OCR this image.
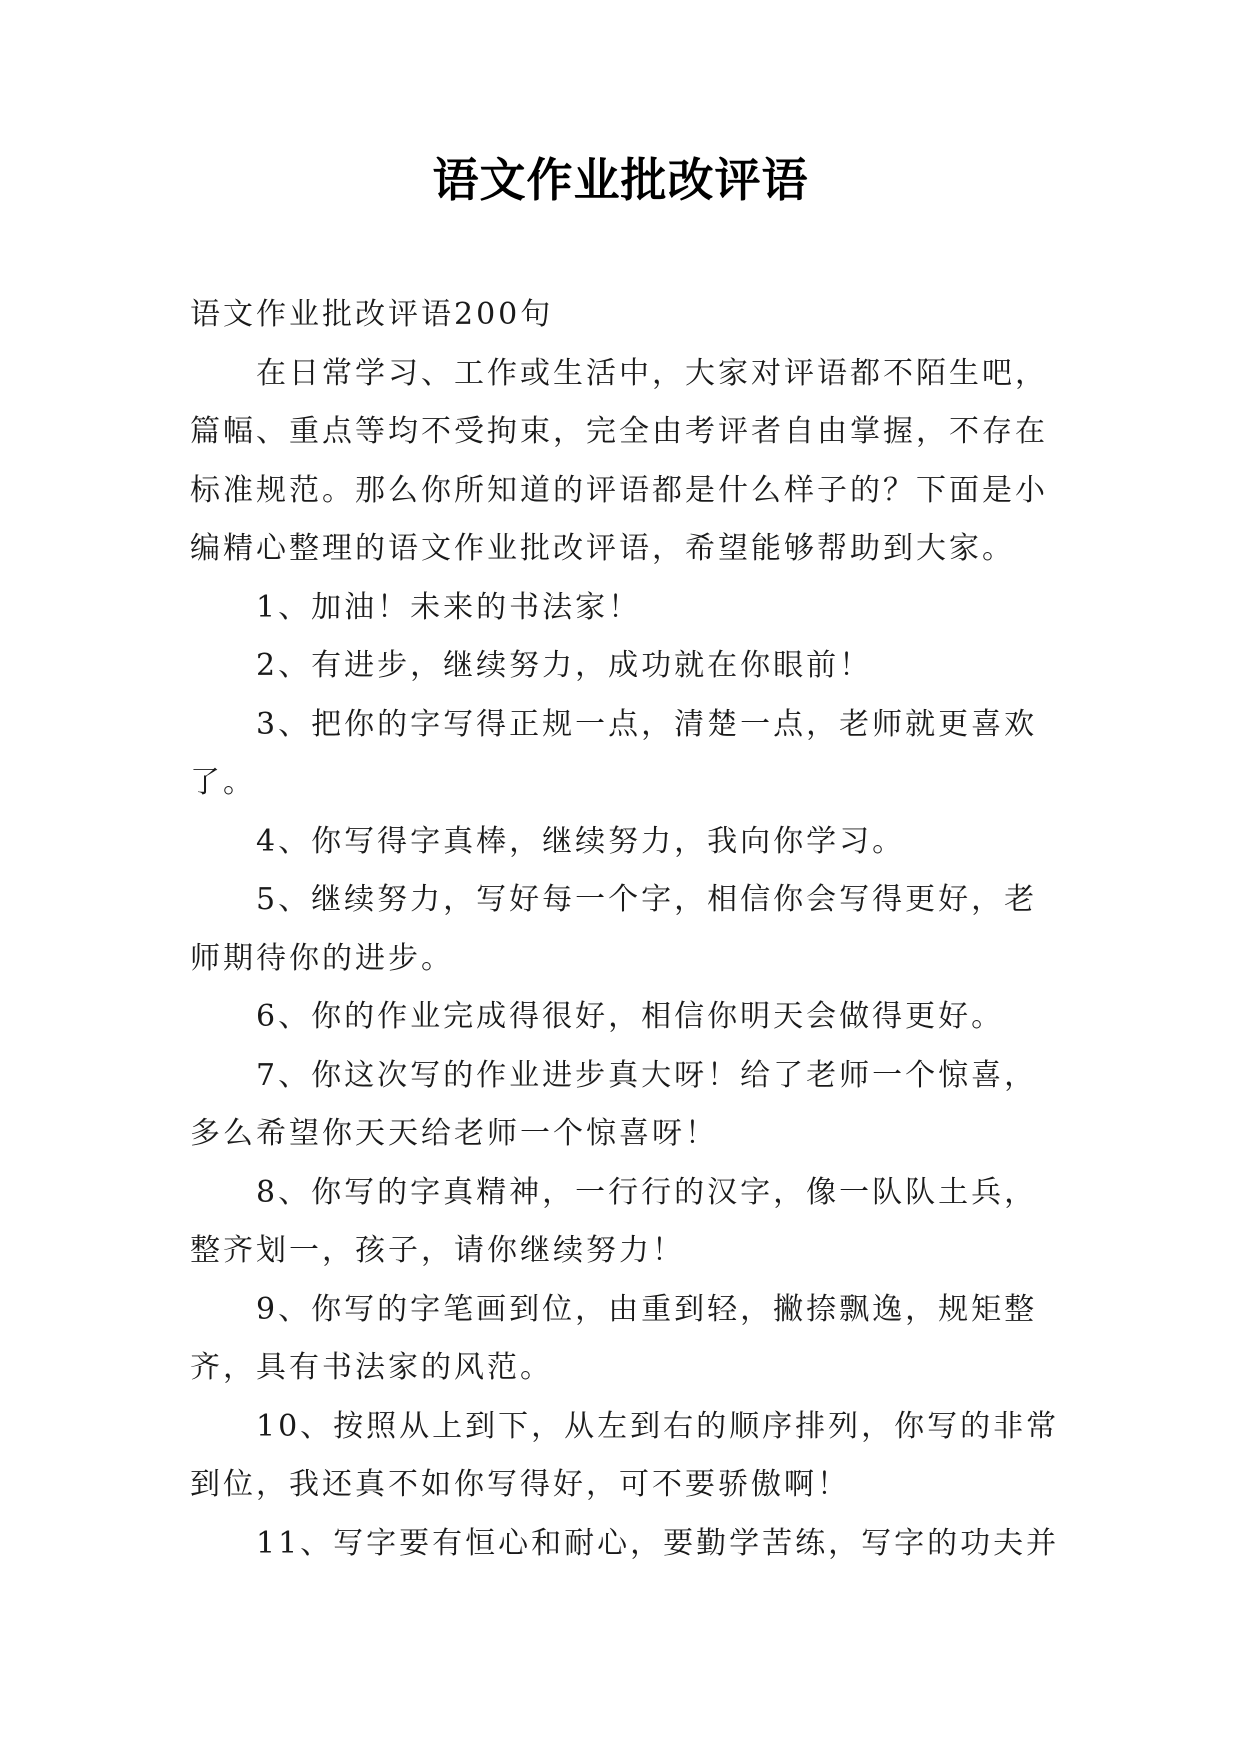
语文作业批改评语

语文作业批改评语200句

在日常学习、工作或生活中，大家对评语都不陌生吧，篇幅、重点等均不受拘束，完全由考评者自由掌握，不存在标准规范。那么你所知道的评语都是什么样子的？下面是小编精心整理的语文作业批改评语，希望能够帮助到大家。

1、加油！未来的书法家！

2、有进步，继续努力，成功就在你眼前！

3、把你的字写得正规一点，清楚一点，老师就更喜欢了。

4、你写得字真棒，继续努力，我向你学习。

5、继续努力，写好每一个字，相信你会写得更好，老师期待你的进步。

6、你的作业完成得很好，相信你明天会做得更好。

7、你这次写的作业进步真大呀！给了老师一个惊喜，多么希望你天天给老师一个惊喜呀！

8、你写的字真精神，一行行的汉字，像一队队土兵，整齐划一，孩子，请你继续努力！

9、你写的字笔画到位，由重到轻，撇捺飘逸，规矩整齐，具有书法家的风范。

10、按照从上到下，从左到右的顺序排列，你写的非常到位，我还真不如你写得好，可不要骄傲啊！

11、写字要有恒心和耐心，要勤学苦练，写字的功夫并
